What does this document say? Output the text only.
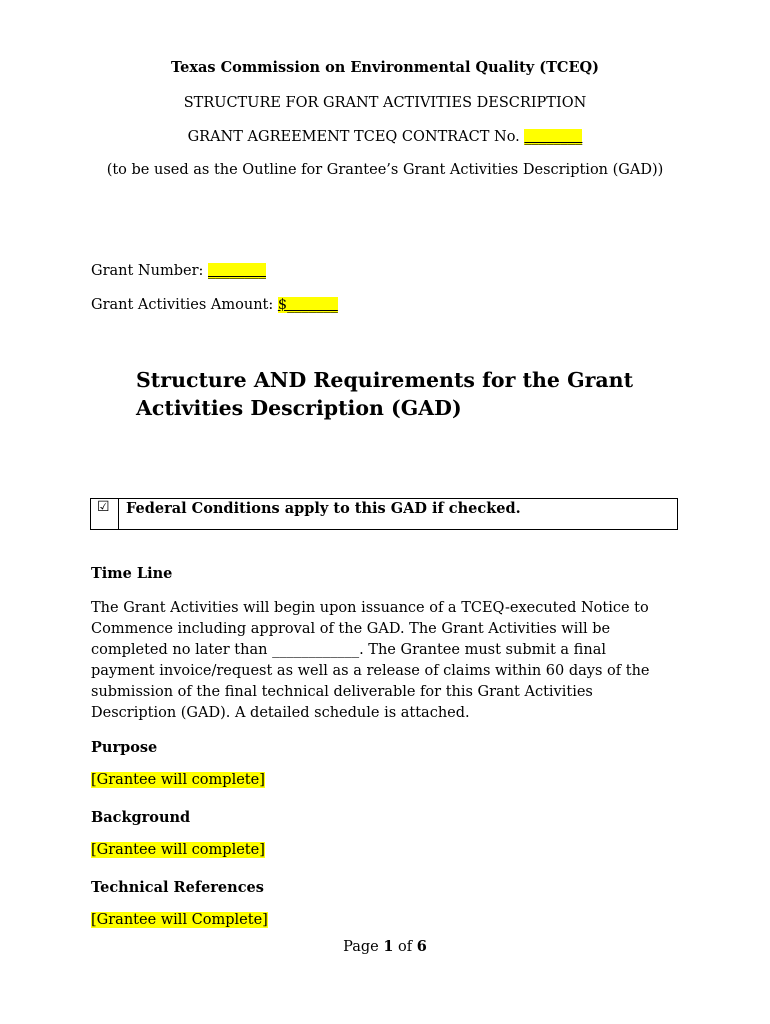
Texas Commission on Environmental Quality (TCEQ)
STRUCTURE FOR GRANT ACTIVITIES DESCRIPTION
GRANT AGREEMENT TCEQ CONTRACT No. ________
(to be used as the Outline for Grantee’s Grant Activities Description (GAD))
Grant Number: ________
Grant Activities Amount: $_______
Structure AND Requirements for the Grant
Activities Description (GAD)
☑ Federal Conditions apply to this GAD if checked.
Time Line
The Grant Activities will begin upon issuance of a TCEQ-executed Notice to
Commence including approval of the GAD. The Grant Activities will be
completed no later than ____________. The Grantee must submit a final
payment invoice/request as well as a release of claims within 60 days of the
submission of the final technical deliverable for this Grant Activities
Description (GAD). A detailed schedule is attached.
Purpose
[Grantee will complete]
Background
[Grantee will complete]
Technical References
[Grantee will Complete]
Page 1 of 6
